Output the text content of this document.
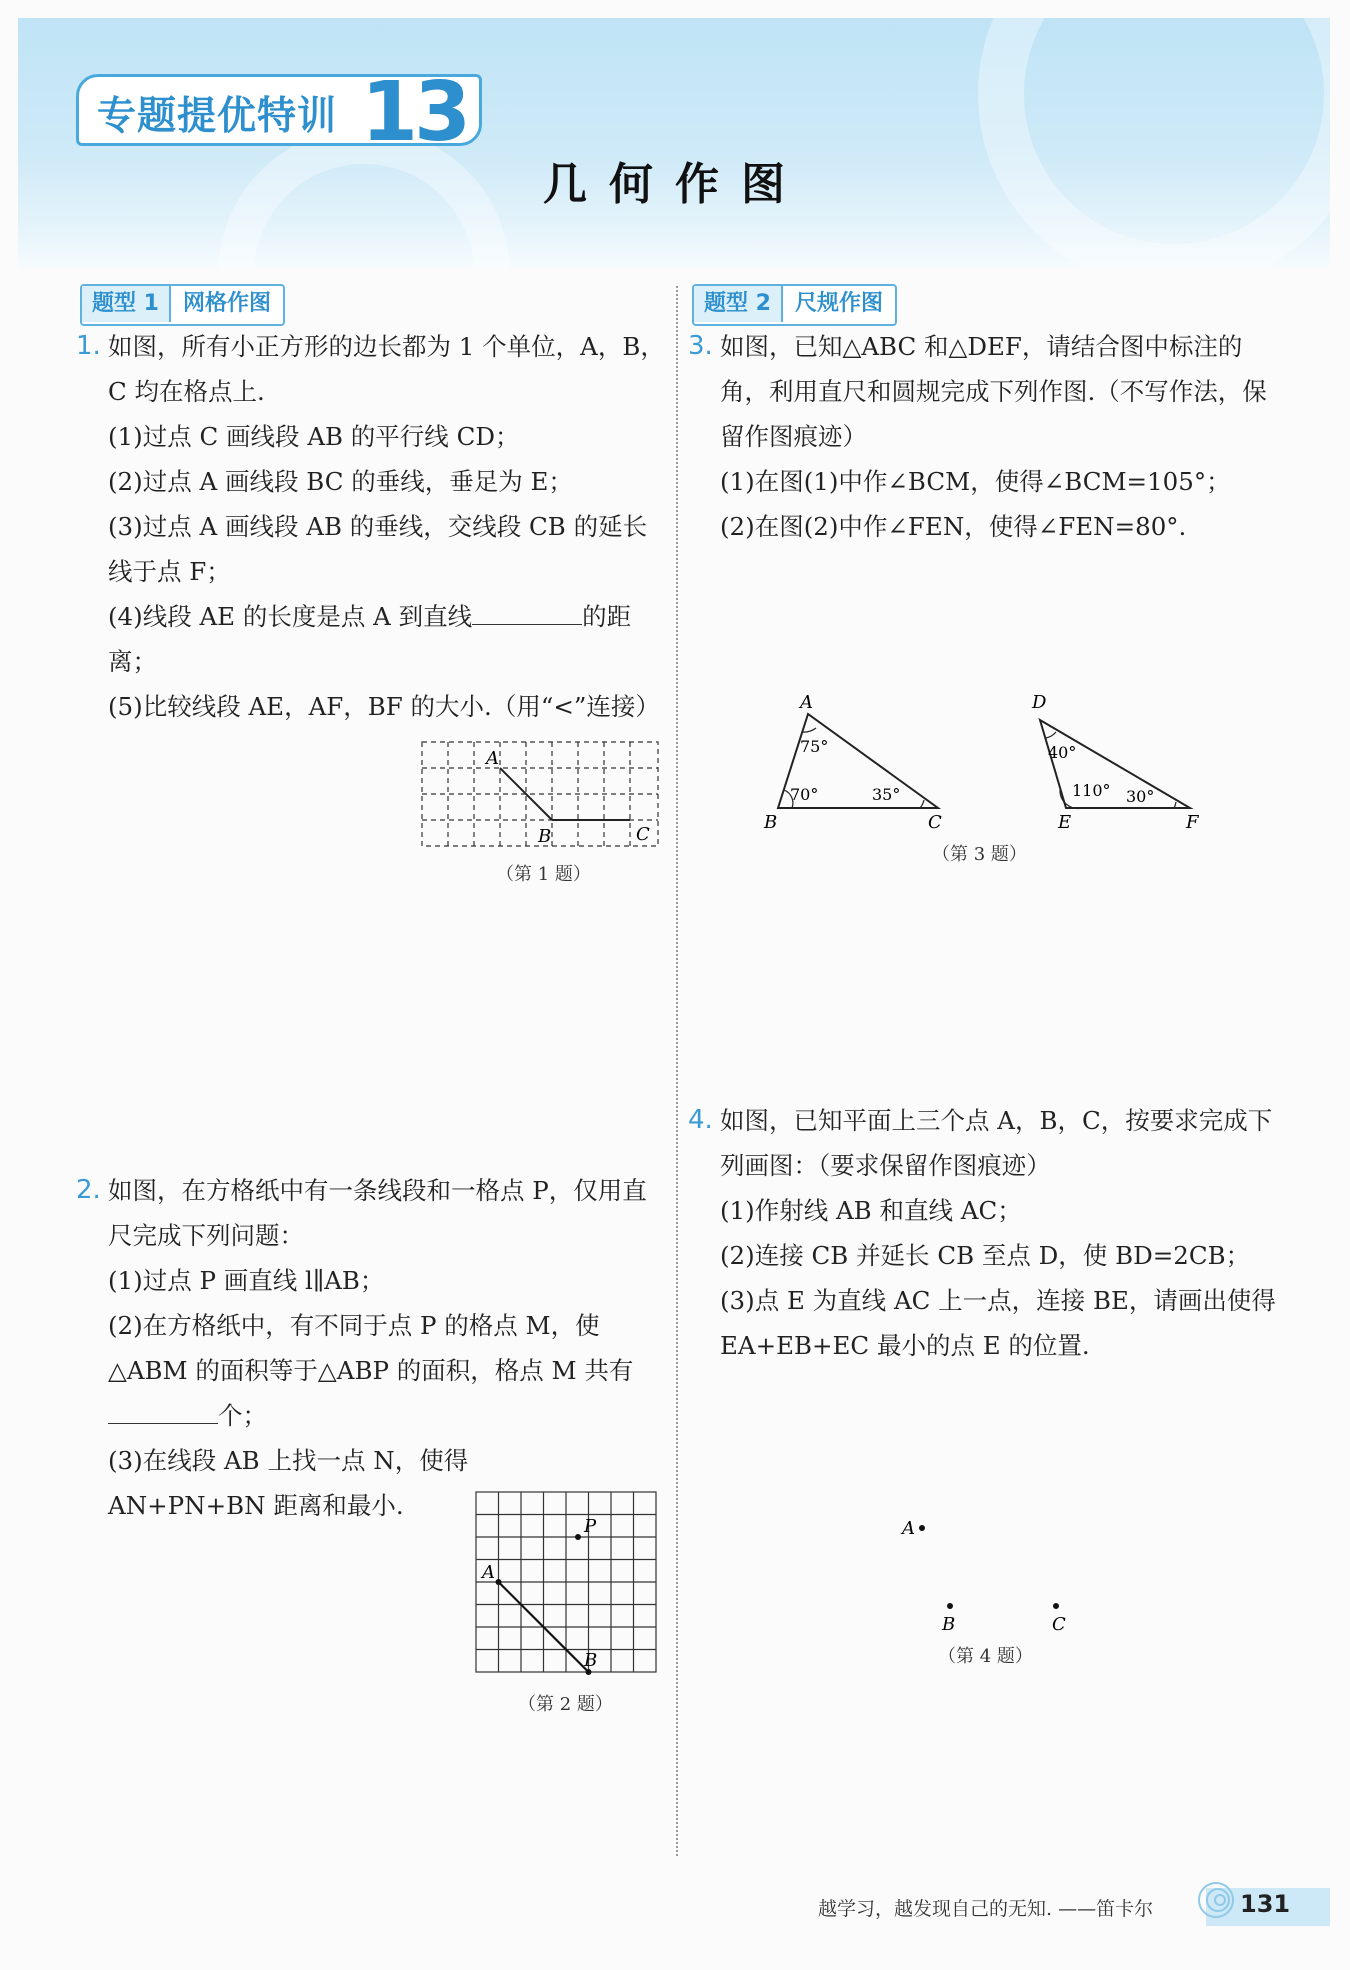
专题提优特训 13
几何作图
题型 1 网格作图	题型 2 尺规作图
1. 如图，所有小正方形的边长都为 1 个单位，A，B，C 均在格点上.

(1)过点 C 画线段 AB 的平行线 CD；

(2)过点 A 画线段 BC 的垂线，垂足为 E；

(3)过点 A 画线段 AB 的垂线，交线段 CB 的延长线于点 F；

(4)线段 AE 的长度是点 A 到直线	的距离；

(5)比较线段 AE，AF，BF 的大小.（用“<”连接）

A
B	C
（第 1 题）
2. 如图，在方格纸中有一条线段和一格点 P，仅用直尺完成下列问题：

(1)过点 P 画直线 l∥AB；

(2)在方格纸中，有不同于点 P 的格点 M，使△ABM 的面积等于△ABP 的面积，格点 M 共有个；

(3)在线段 AB 上找一点 N，使得 AN+PN+BN 距离和最小.

P
A
B
（第 2 题）
3. 如图，已知△ABC 和△DEF，请结合图中标注的角，利用直尺和圆规完成下列作图.（不写作法，保留作图痕迹）

(1)在图(1)中作∠BCM，使得∠BCM=105°；

(2)在图(2)中作∠FEN，使得∠FEN=80°.

A
B	C
75°
70°	35°
D
E	F
40°
110° 30°
（第 3 题）
4. 如图，已知平面上三个点 A，B，C，按要求完成下列画图：（要求保留作图痕迹）

(1)作射线 AB 和直线 AC；

(2)连接 CB 并延长 CB 至点 D，使 BD=2CB；

(3)点 E 为直线 AC 上一点，连接 BE，请画出使得 EA+EB+EC 最小的点 E 的位置.

A
B	C
（第 4 题）
越学习，越发现自己的无知. ——笛卡尔	131
